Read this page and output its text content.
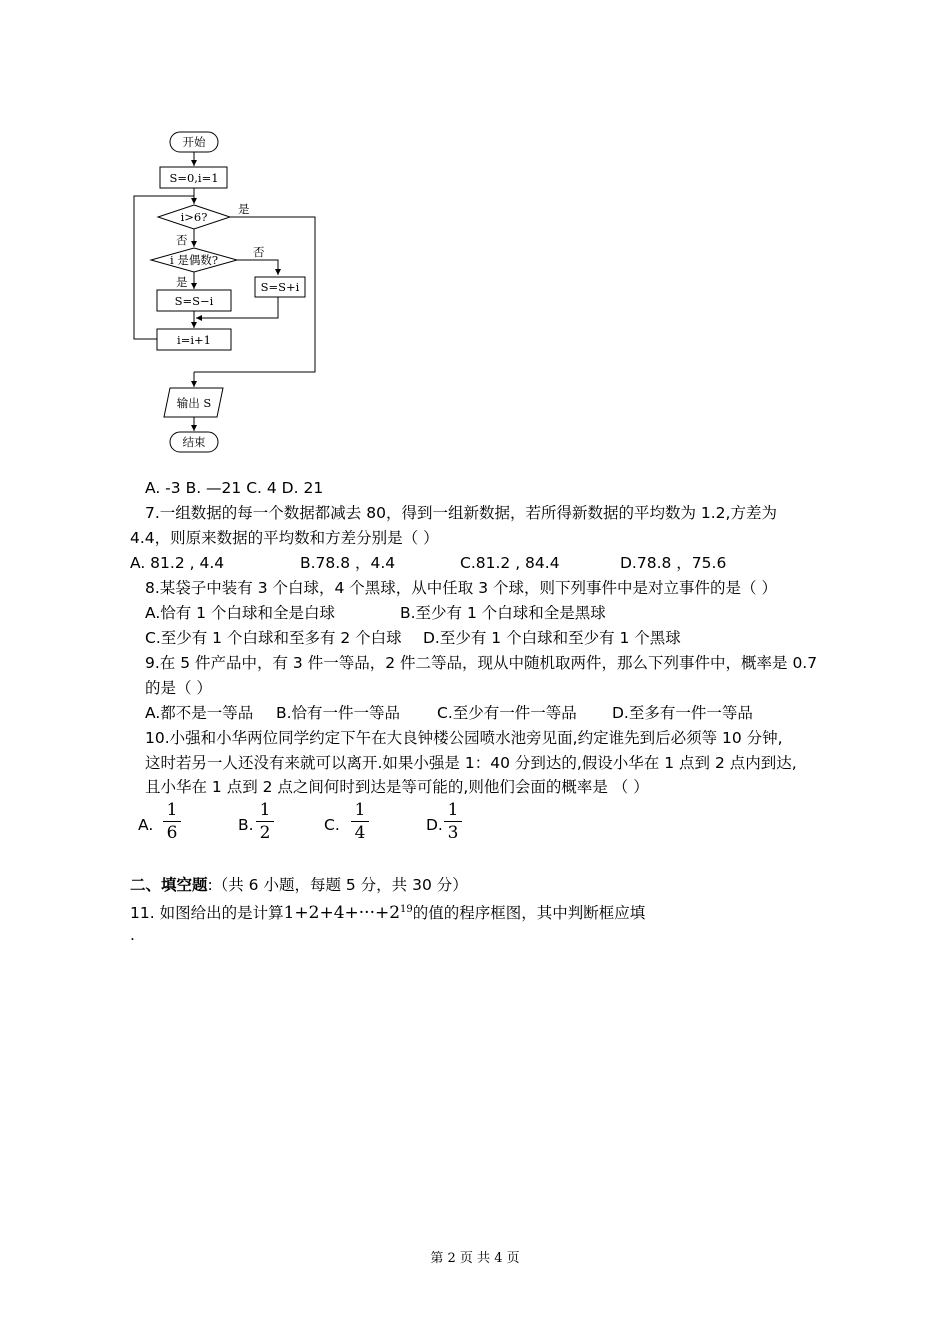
开始
S=0,i=1
i>6?
是
否
i 是偶数?
否
是
S=S−i
S=S+i
i=i+1
输出 S
结束
A. -3 B. —21 C. 4 D. 21
7.一组数据的每一个数据都减去 80，得到一组新数据，若所得新数据的平均数为 1.2,方差为
4.4，则原来数据的平均数和方差分别是（ ）
A. 81.2 , 4.4	B.78.8 ，4.4	C.81.2 , 84.4	D.78.8 ，75.6
8.某袋子中装有 3 个白球，4 个黑球，从中任取 3 个球，则下列事件中是对立事件的是（ ）
A.恰有 1 个白球和全是白球	B.至少有 1 个白球和全是黑球
C.至少有 1 个白球和至多有 2 个白球 D.至少有 1 个白球和至少有 1 个黑球
9.在 5 件产品中，有 3 件一等品，2 件二等品，现从中随机取两件，那么下列事件中，概率是 0.7
的是（ ）
A.都不是一等品 B.恰有一件一等品 C.至少有一件一等品 D.至多有一件一等品
10.小强和小华两位同学约定下午在大良钟楼公园喷水池旁见面,约定谁先到后必须等 10 分钟,
这时若另一人还没有来就可以离开.如果小强是 1：40 分到达的,假设小华在 1 点到 2 点内到达,
且小华在 1 点到 2 点之间何时到达是等可能的,则他们会面的概率是 （ ）
A.
1
6	B.
1
2	C.
1
4	D.
1
3
二、填空题:（共 6 小题，每题 5 分，共 30 分）
11. 如图给出的是计算$1+2+4+\cdot\cdot\cdot+2^{19}$的值的程序框图，其中判断框应填
.
第 2 页 共 4 页
